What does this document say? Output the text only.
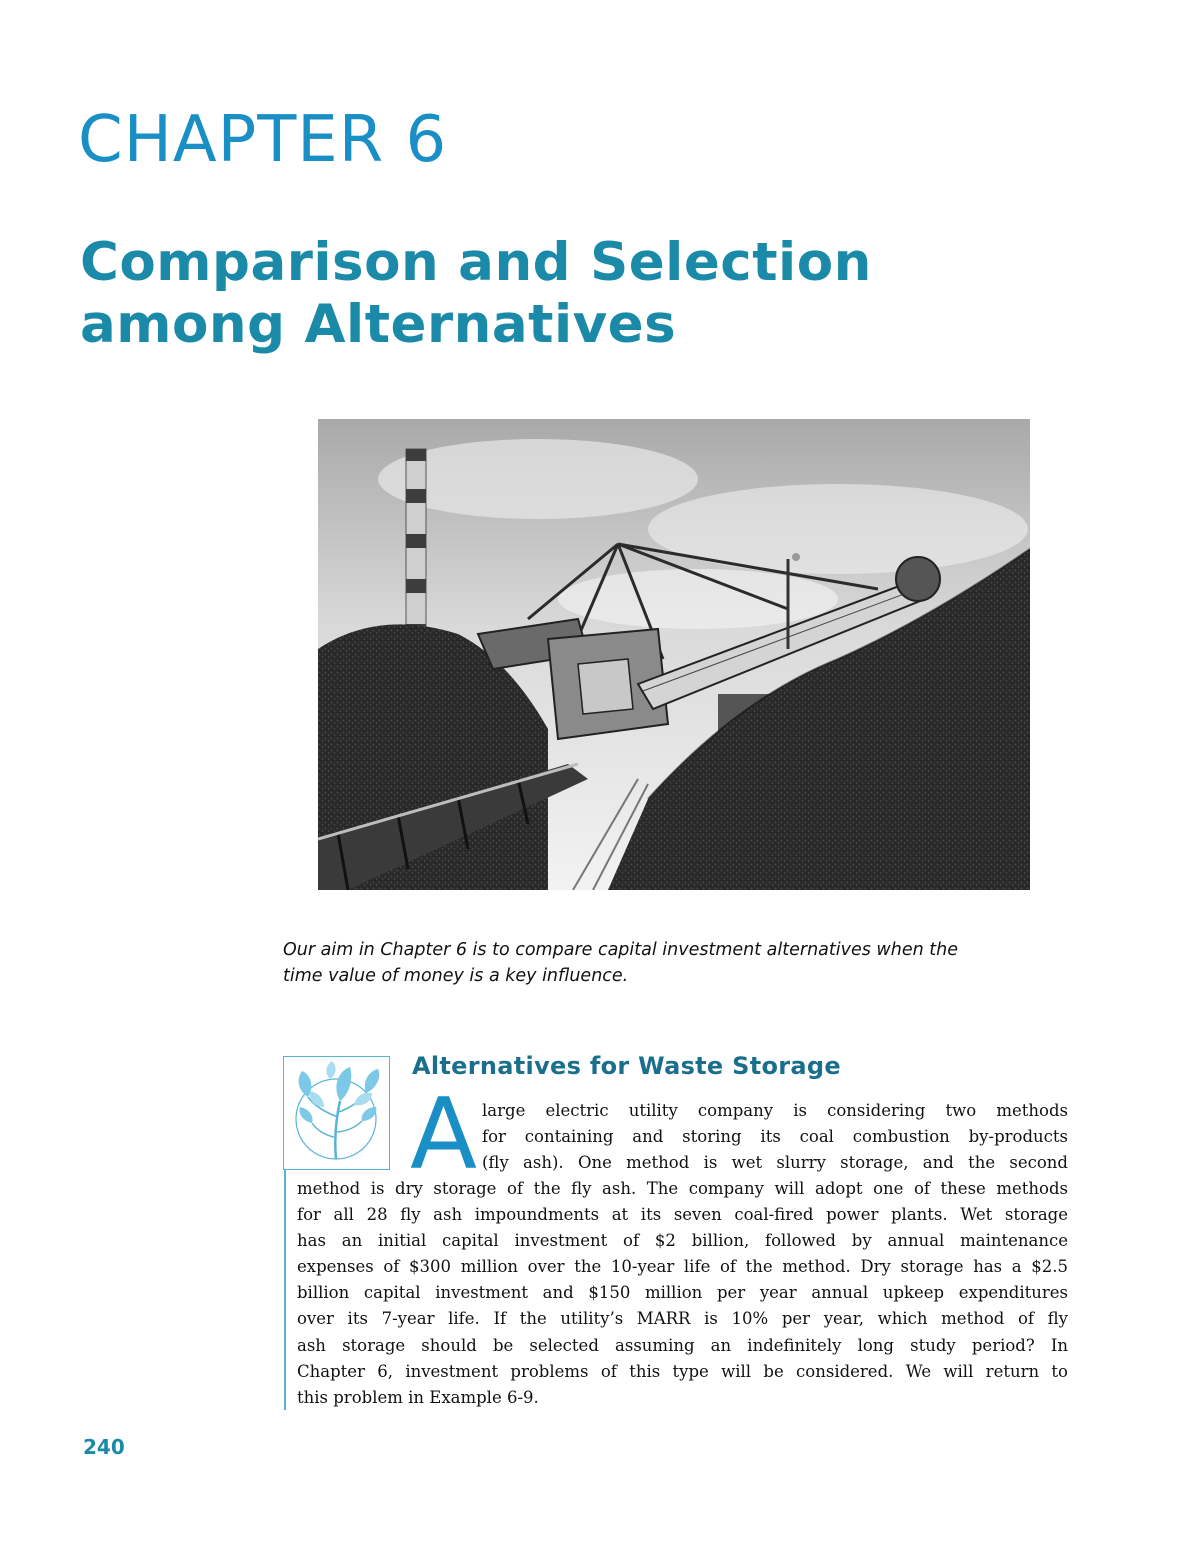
CHAPTER 6
Comparison and Selection
among Alternatives

Our aim in Chapter 6 is to compare capital investment alternatives when the
time value of money is a key influence.

Alternatives for Waste Storage
A large electric utility company is considering two methods
for containing and storing its coal combustion by-products
(fly ash). One method is wet slurry storage, and the second

method is dry storage of the fly ash. The company will adopt one of these methods
for all 28 fly ash impoundments at its seven coal-fired power plants. Wet storage
has an initial capital investment of $2 billion, followed by annual maintenance
expenses of $300 million over the 10-year life of the method. Dry storage has a $2.5
billion capital investment and $150 million per year annual upkeep expenditures
over its 7-year life. If the utility’s MARR is 10% per year, which method of fly
ash storage should be selected assuming an indefinitely long study period? In
Chapter 6, investment problems of this type will be considered. We will return to
this problem in Example 6-9.

240
